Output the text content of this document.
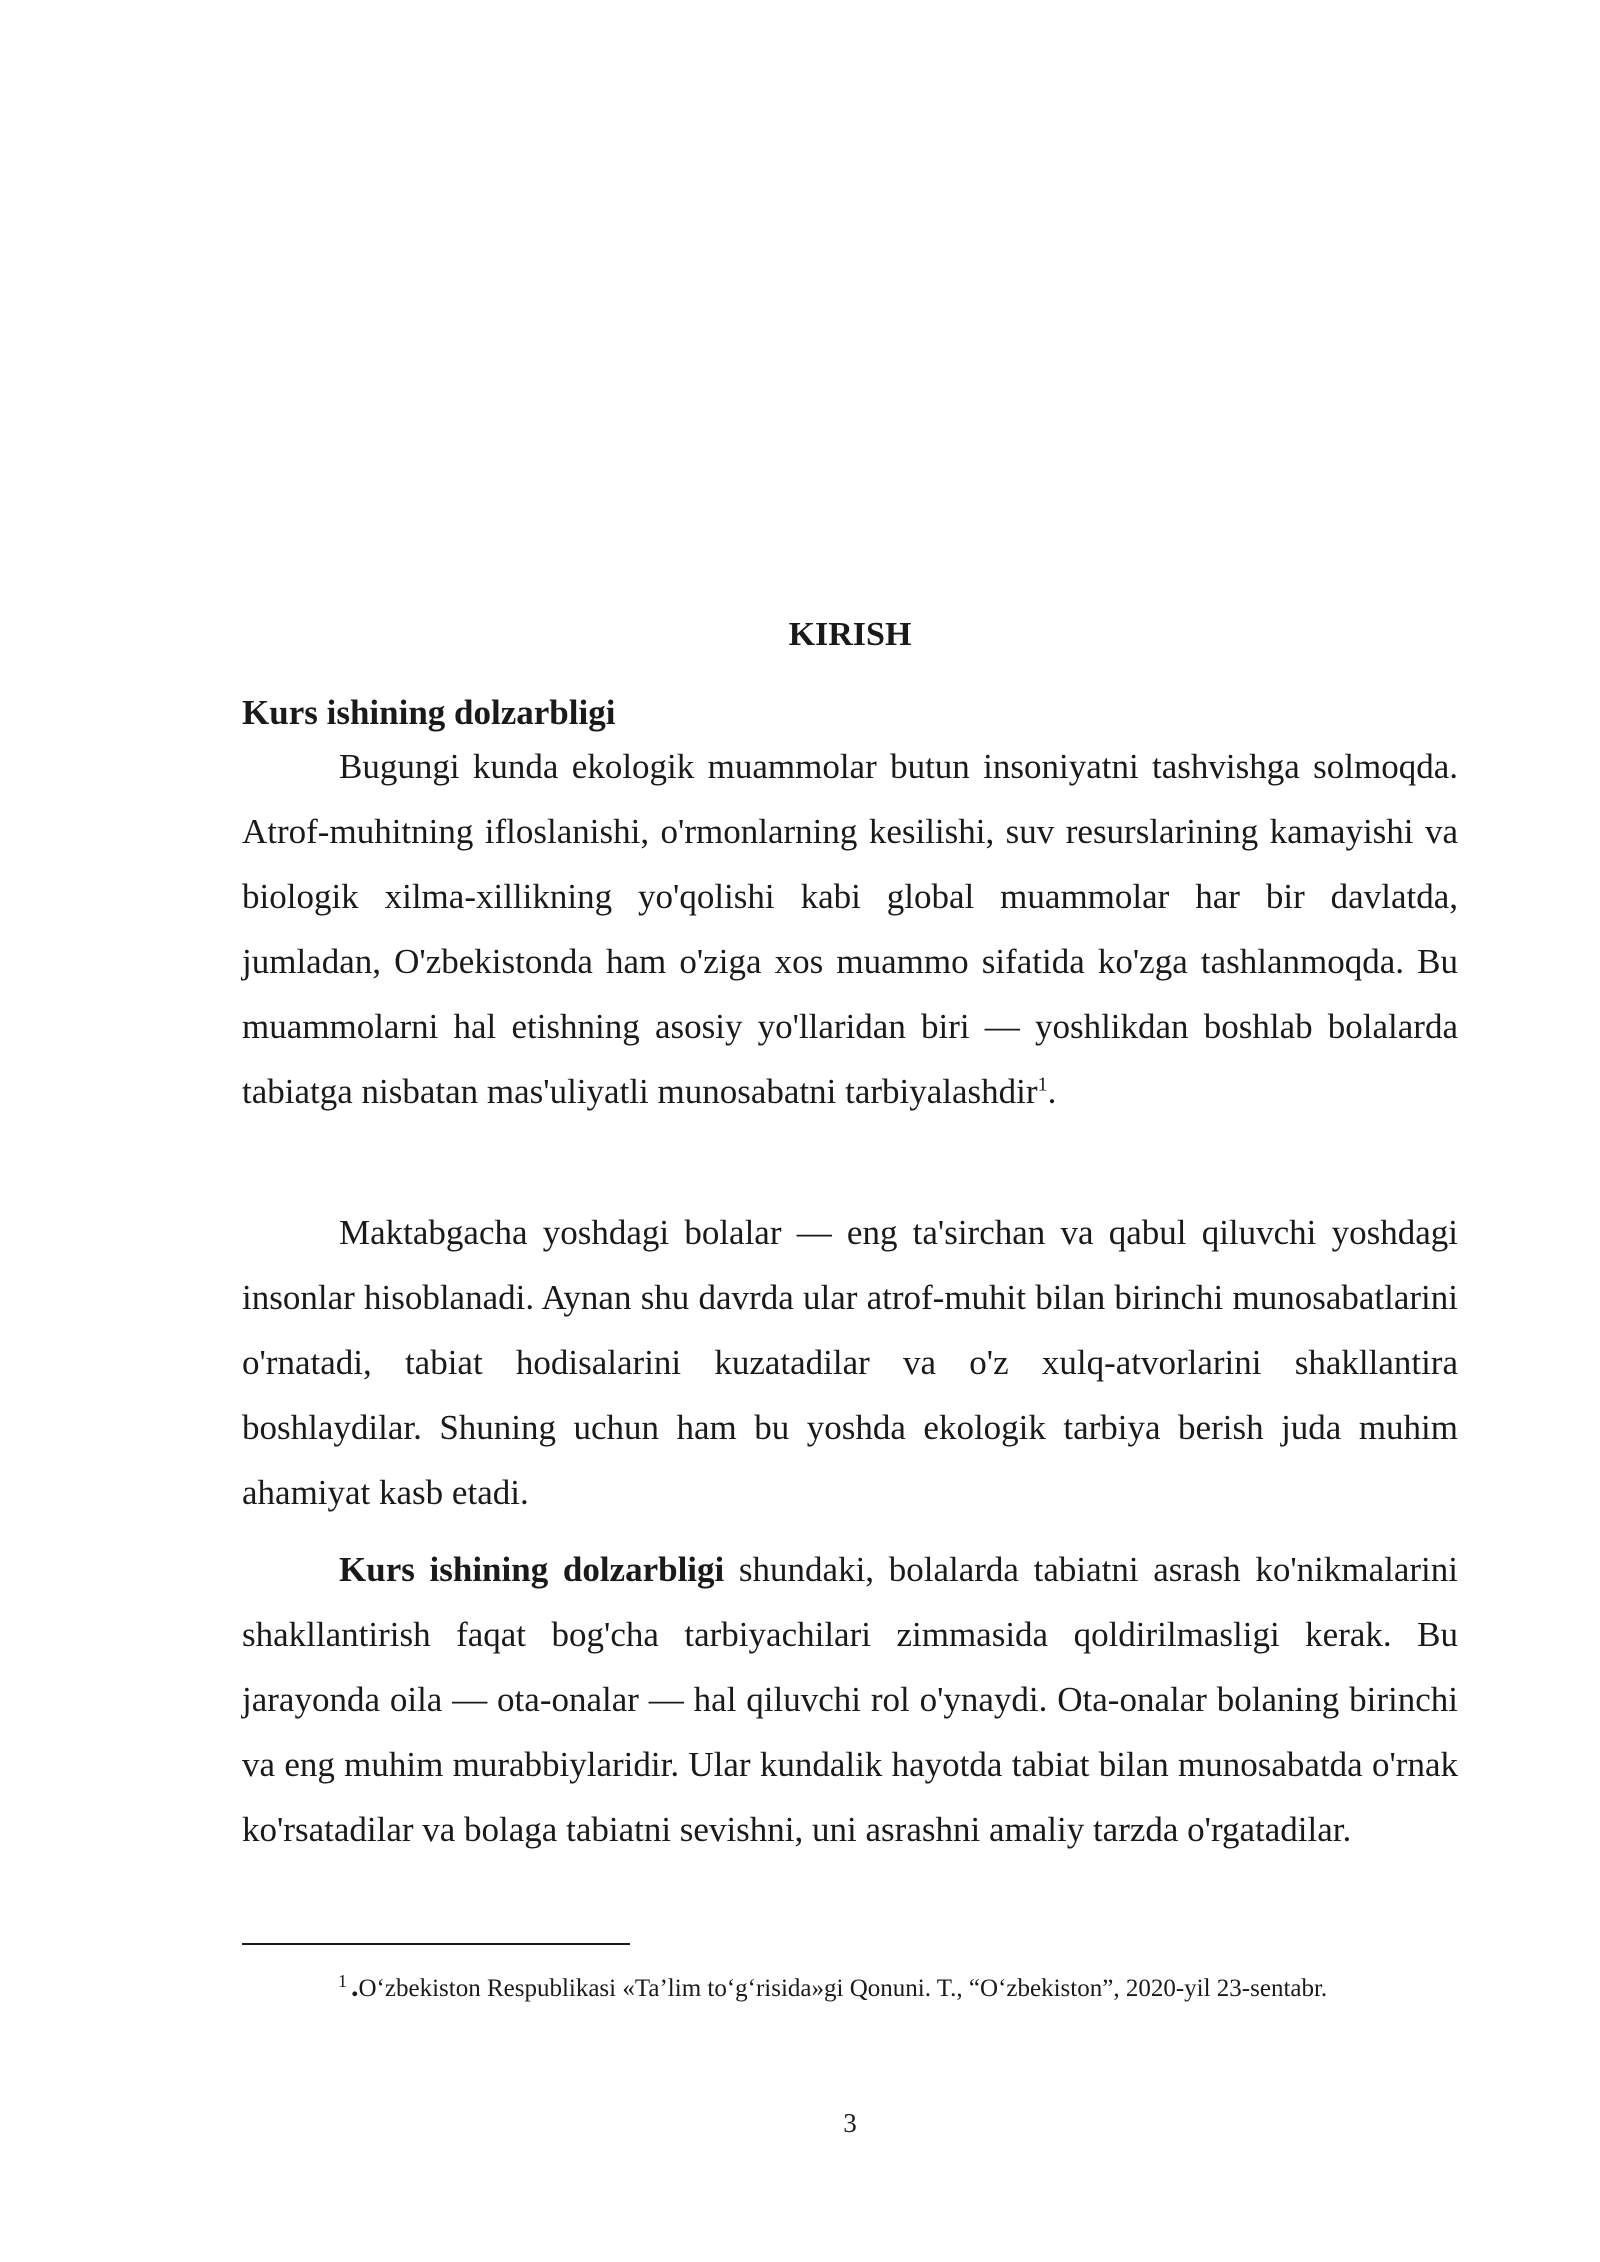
KIRISH
Kurs ishining dolzarbligi

Bugungi kunda ekologik muammolar butun insoniyatni tashvishga solmoqda. Atrof-muhitning ifloslanishi, o'rmonlarning kesilishi, suv resurslarining kamayishi va biologik xilma-xillikning yo'qolishi kabi global muammolar har bir davlatda, jumladan, O'zbekistonda ham o'ziga xos muammo sifatida ko'zga tashlanmoqda. Bu muammolarni hal etishning asosiy yo'llaridan biri — yoshlikdan boshlab bolalarda tabiatga nisbatan mas'uliyatli munosabatni tarbiyalashdir$^1$.

Maktabgacha yoshdagi bolalar — eng ta'sirchan va qabul qiluvchi yoshdagi insonlar hisoblanadi. Aynan shu davrda ular atrof-muhit bilan birinchi munosabatlarini o'rnatadi, tabiat hodisalarini kuzatadilar va o'z xulq-atvorlarini shakllantira boshlaydilar. Shuning uchun ham bu yoshda ekologik tarbiya berish juda muhim ahamiyat kasb etadi.

Kurs ishining dolzarbligi shundaki, bolalarda tabiatni asrash ko'nikmalarini shakllantirish faqat bog'cha tarbiyachilari zimmasida qoldirilmasligi kerak. Bu jarayonda oila — ota-onalar — hal qiluvchi rol o'ynaydi. Ota-onalar bolaning birinchi va eng muhim murabbiylaridir. Ular kundalik hayotda tabiat bilan munosabatda o'rnak ko'rsatadilar va bolaga tabiatni sevishni, uni asrashni amaliy tarzda o'rgatadilar.

$^1$ .O‘zbekiston Respublikasi «Ta’lim to‘g‘risida»gi Qonuni. T., “O‘zbekiston”, 2020-yil 23-sentabr.

3
